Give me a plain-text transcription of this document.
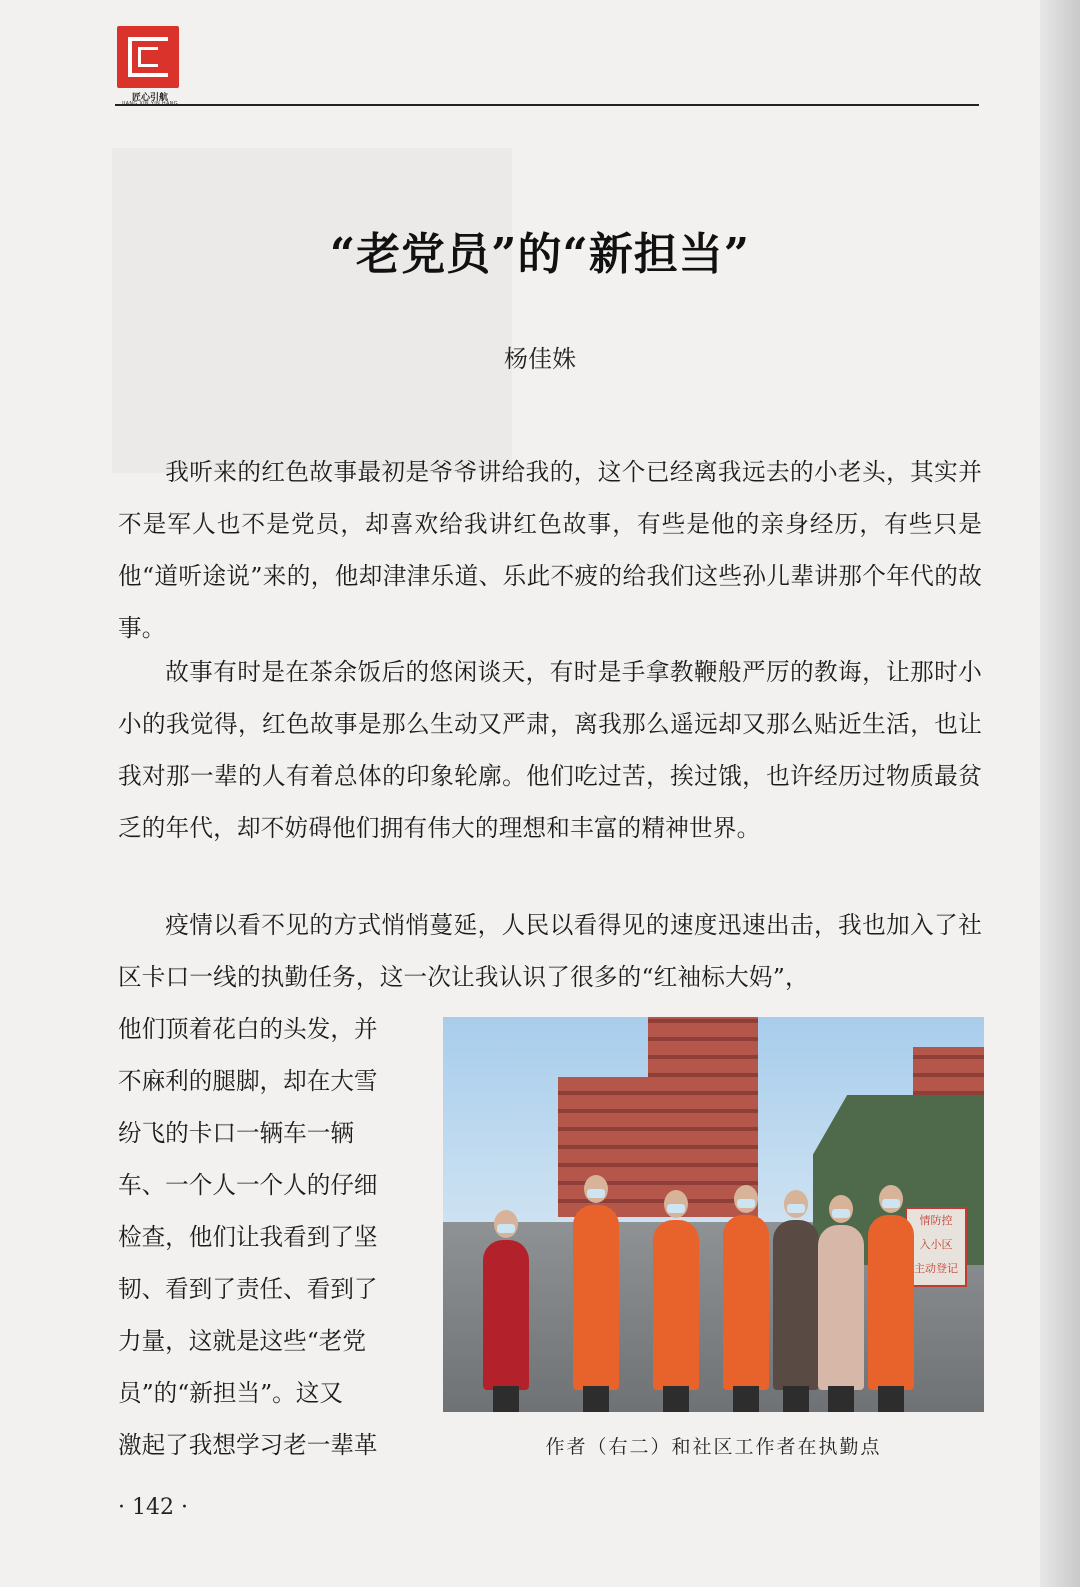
匠心引航
“老党员”的“新担当”
杨佳姝

我听来的红色故事最初是爷爷讲给我的，这个已经离我远去的小老头，其实并不是军人也不是党员，却喜欢给我讲红色故事，有些是他的亲身经历，有些只是他“道听途说”来的，他却津津乐道、乐此不疲的给我们这些孙儿辈讲那个年代的故事。

故事有时是在茶余饭后的悠闲谈天，有时是手拿教鞭般严厉的教诲，让那时小小的我觉得，红色故事是那么生动又严肃，离我那么遥远却又那么贴近生活，也让我对那一辈的人有着总体的印象轮廓。他们吃过苦，挨过饿，也许经历过物质最贫乏的年代，却不妨碍他们拥有伟大的理想和丰富的精神世界。

疫情以看不见的方式悄悄蔓延，人民以看得见的速度迅速出击，我也加入了社区卡口一线的执勤任务，这一次让我认识了很多的“红袖标大妈”，

他们顶着花白的头发，并
不麻利的腿脚，却在大雪
纷飞的卡口一辆车一辆
车、一个人一个人的仔细
检查，他们让我看到了坚
韧、看到了责任、看到了
力量，这就是这些“老党
员”的“新担当”。这又
激起了我想学习老一辈革
情防控
入小区
主动登记
作者（右二）和社区工作者在执勤点
· 142 ·
